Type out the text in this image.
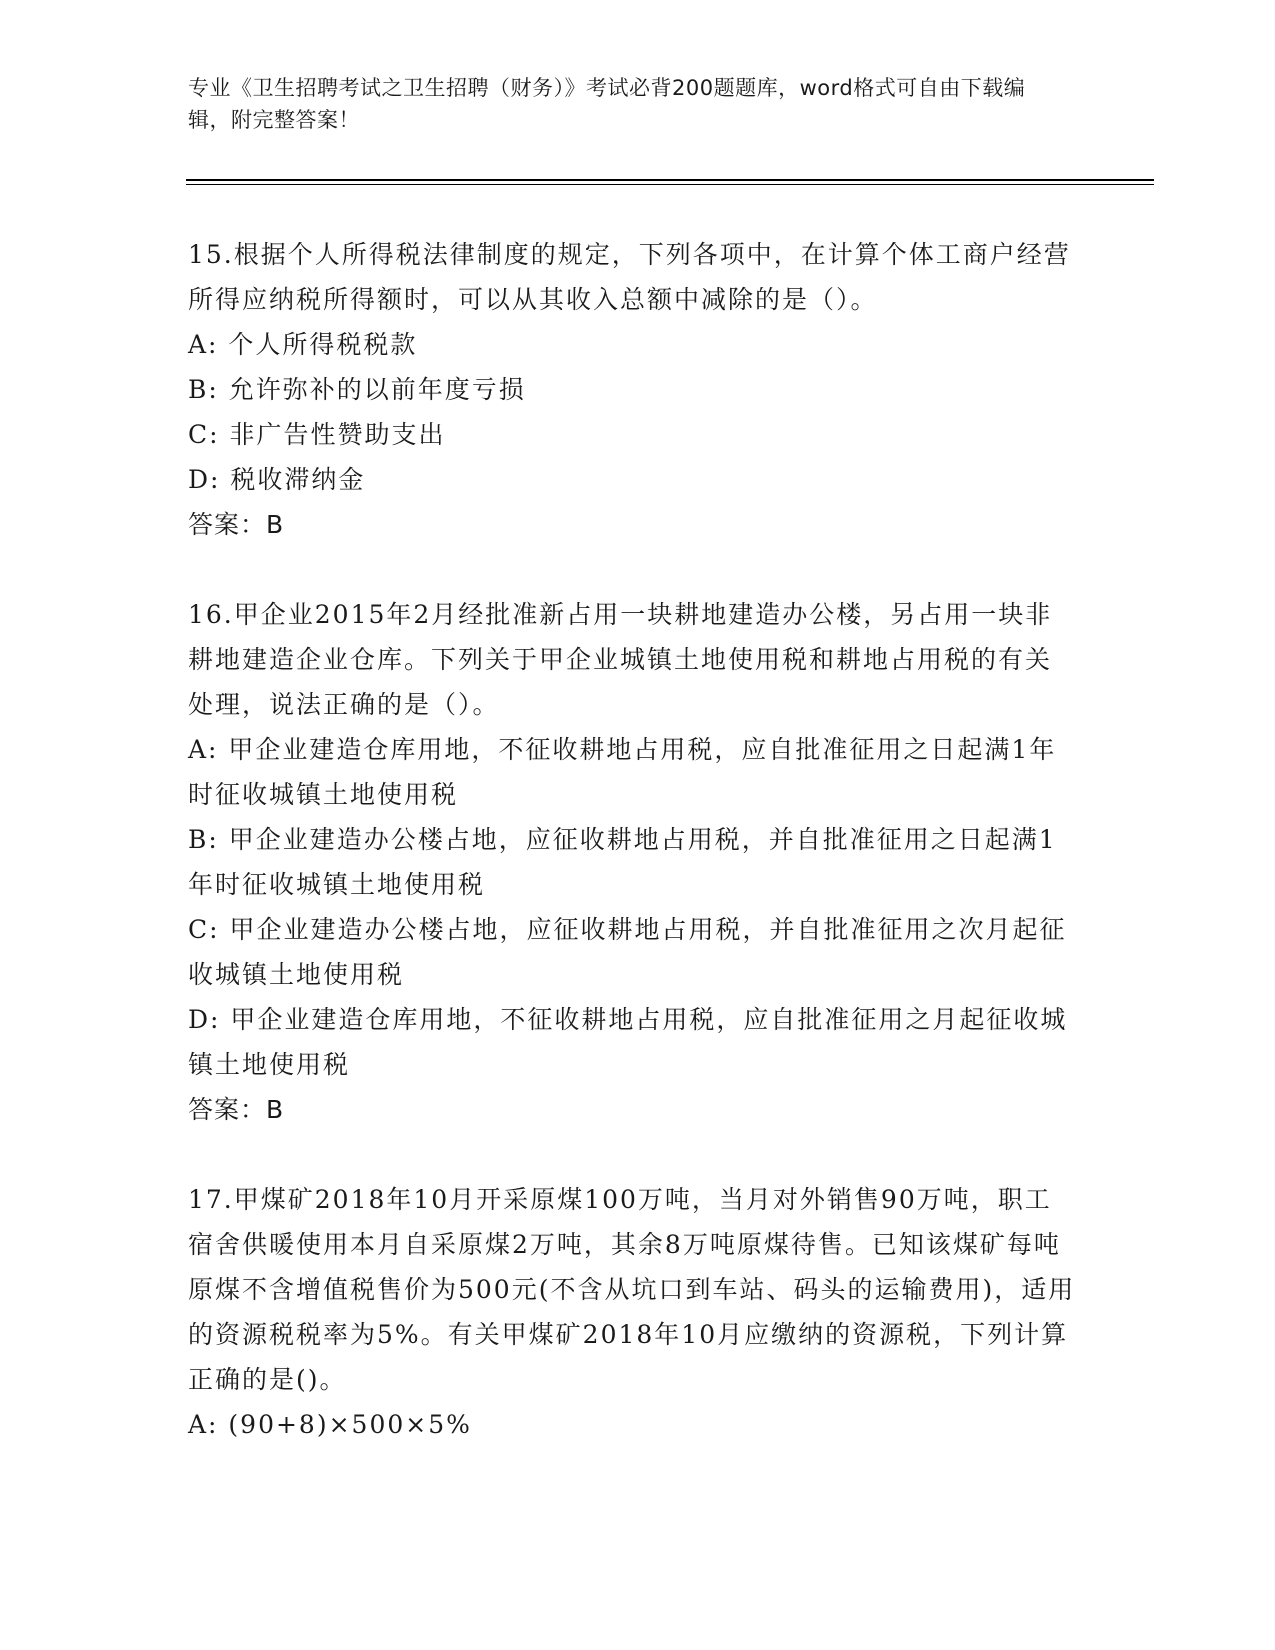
专业《卫生招聘考试之卫生招聘（财务）》考试必背200题题库，word格式可自由下载编辑，附完整答案！

15.根据个人所得税法律制度的规定，下列各项中，在计算个体工商户经营所得应纳税所得额时，可以从其收入总额中减除的是（）。

A: 个人所得税税款

B: 允许弥补的以前年度亏损

C: 非广告性赞助支出

D: 税收滞纳金

答案：B

16.甲企业2015年2月经批准新占用一块耕地建造办公楼，另占用一块非耕地建造企业仓库。下列关于甲企业城镇土地使用税和耕地占用税的有关处理，说法正确的是（）。

A: 甲企业建造仓库用地，不征收耕地占用税，应自批准征用之日起满1年时征收城镇土地使用税

B: 甲企业建造办公楼占地，应征收耕地占用税，并自批准征用之日起满1年时征收城镇土地使用税

C: 甲企业建造办公楼占地，应征收耕地占用税，并自批准征用之次月起征收城镇土地使用税

D: 甲企业建造仓库用地，不征收耕地占用税，应自批准征用之月起征收城镇土地使用税

答案：B

17.甲煤矿2018年10月开采原煤100万吨，当月对外销售90万吨，职工宿舍供暖使用本月自采原煤2万吨，其余8万吨原煤待售。已知该煤矿每吨原煤不含增值税售价为500元(不含从坑口到车站、码头的运输费用)，适用的资源税税率为5%。有关甲煤矿2018年10月应缴纳的资源税，下列计算正确的是()。

A: (90+8)×500×5%
